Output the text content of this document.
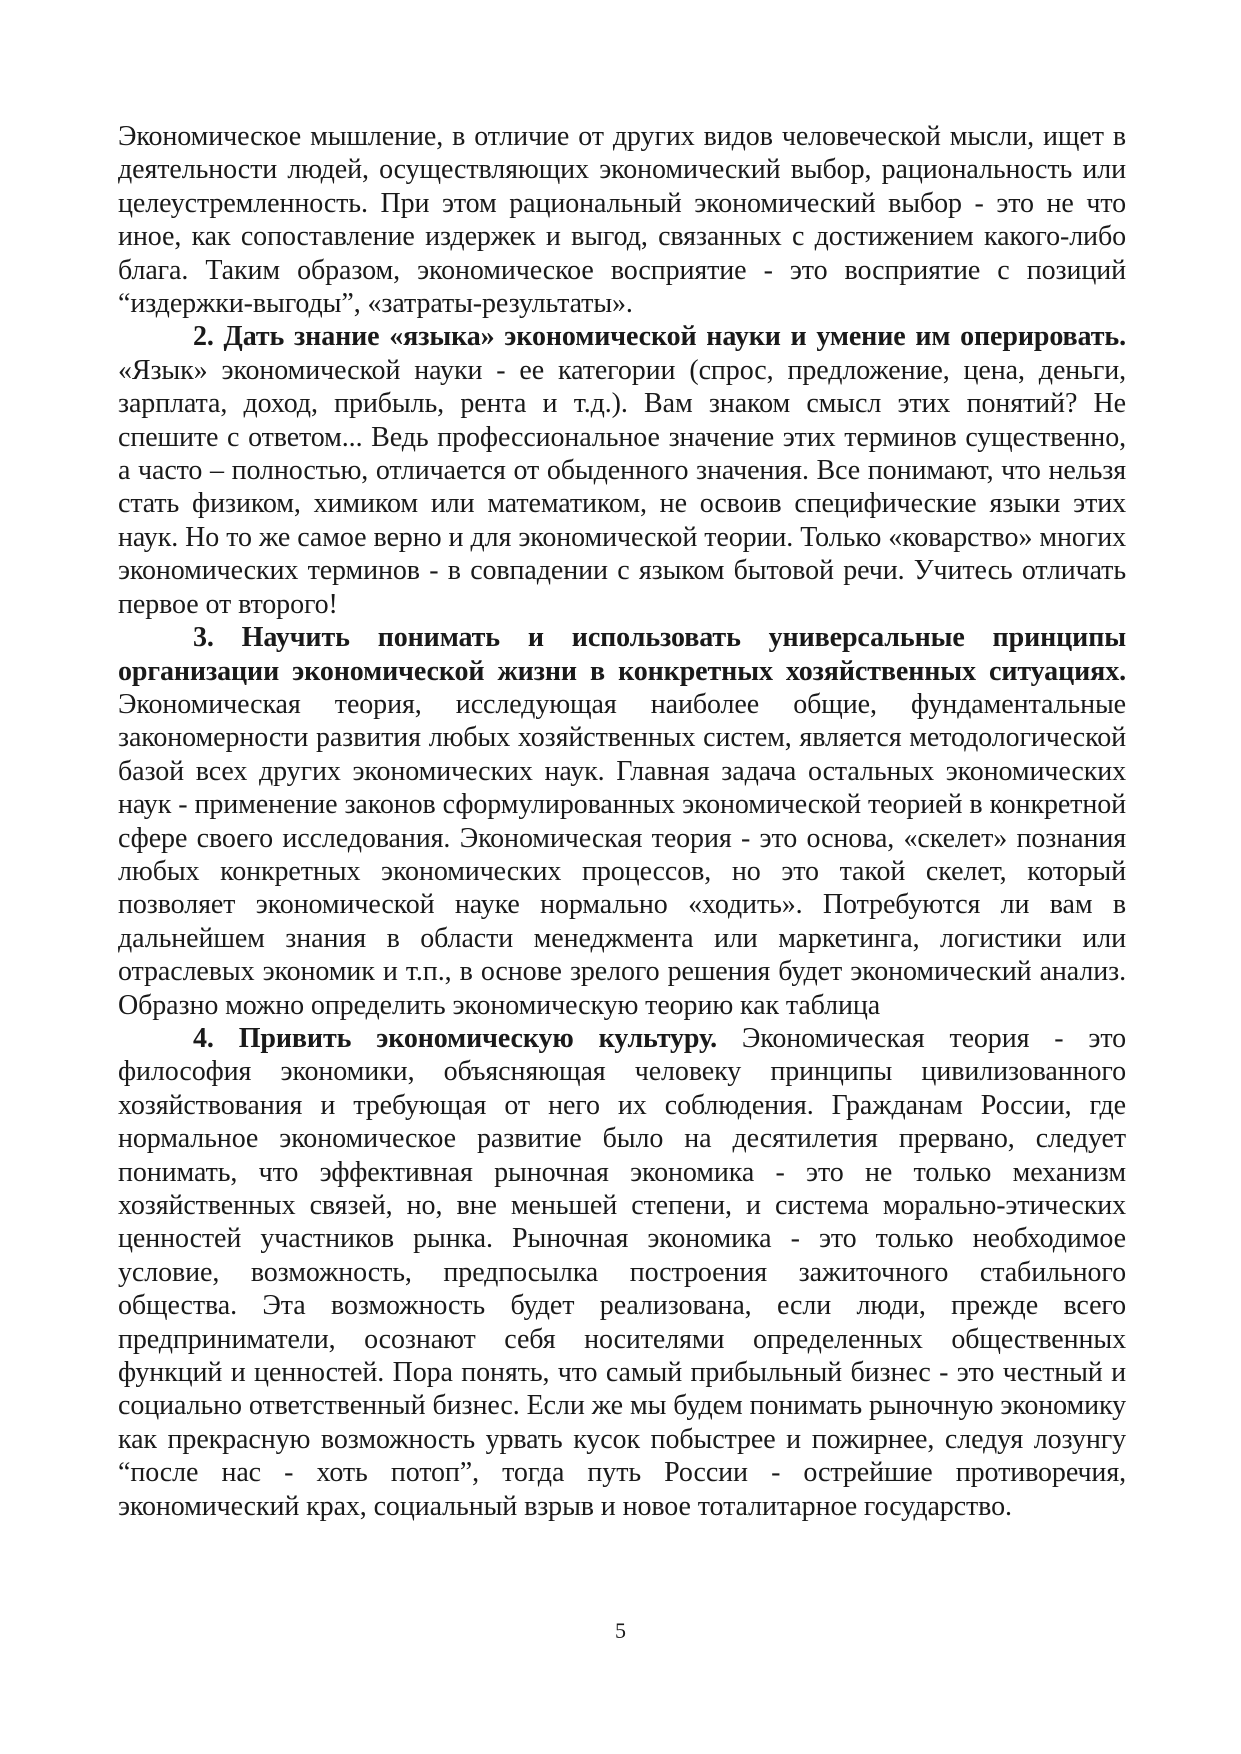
Экономическое мышление, в отличие от других видов человеческой мысли, ищет в деятельности людей, осуществляющих экономический выбор, рациональность или целеустремленность. При этом рациональный экономический выбор - это не что иное, как сопоставление издержек и выгод, связанных с достижением какого-либо блага. Таким образом, экономическое восприятие - это восприятие с позиций “издержки-выгоды”, «затраты-результаты».

2. Дать знание «языка» экономической науки и умение им оперировать. «Язык» экономической науки - ее категории (спрос, предложение, цена, деньги, зарплата, доход, прибыль, рента и т.д.). Вам знаком смысл этих понятий? Не спешите с ответом... Ведь профессиональное значение этих терминов существенно, а часто – полностью, отличается от обыденного значения. Все понимают, что нельзя стать физиком, химиком или математиком, не освоив специфические языки этих наук. Но то же самое верно и для экономической теории. Только «коварство» многих экономических терминов - в совпадении с языком бытовой речи. Учитесь отличать первое от второго!

3. Научить понимать и использовать универсальные принципы организации экономической жизни в конкретных хозяйственных ситуациях. Экономическая теория, исследующая наиболее общие, фундаментальные закономерности развития любых хозяйственных систем, является методологической базой всех других экономических наук. Главная задача остальных экономических наук - применение законов сформулированных экономической теорией в конкретной сфере своего исследования. Экономическая теория - это основа, «скелет» познания любых конкретных экономических процессов, но это такой скелет, который позволяет экономической науке нормально «ходить». Потребуются ли вам в дальнейшем знания в области менеджмента или маркетинга, логистики или отраслевых экономик и т.п., в основе зрелого решения будет экономический анализ. Образно можно определить экономическую теорию как таблица

4. Привить экономическую культуру. Экономическая теория - это философия экономики, объясняющая человеку принципы цивилизованного хозяйствования и требующая от него их соблюдения. Гражданам России, где нормальное экономическое развитие было на десятилетия прервано, следует понимать, что эффективная рыночная экономика - это не только механизм хозяйственных связей, но, вне меньшей степени, и система морально-этических ценностей участников рынка. Рыночная экономика - это только необходимое условие, возможность, предпосылка построения зажиточного стабильного общества. Эта возможность будет реализована, если люди, прежде всего предприниматели, осознают себя носителями определенных общественных функций и ценностей. Пора понять, что самый прибыльный бизнес - это честный и социально ответственный бизнес. Если же мы будем понимать рыночную экономику как прекрасную возможность урвать кусок побыстрее и пожирнее, следуя лозунгу “после нас - хоть потоп”, тогда путь России - острейшие противоречия, экономический крах, социальный взрыв и новое тоталитарное государство.

5
